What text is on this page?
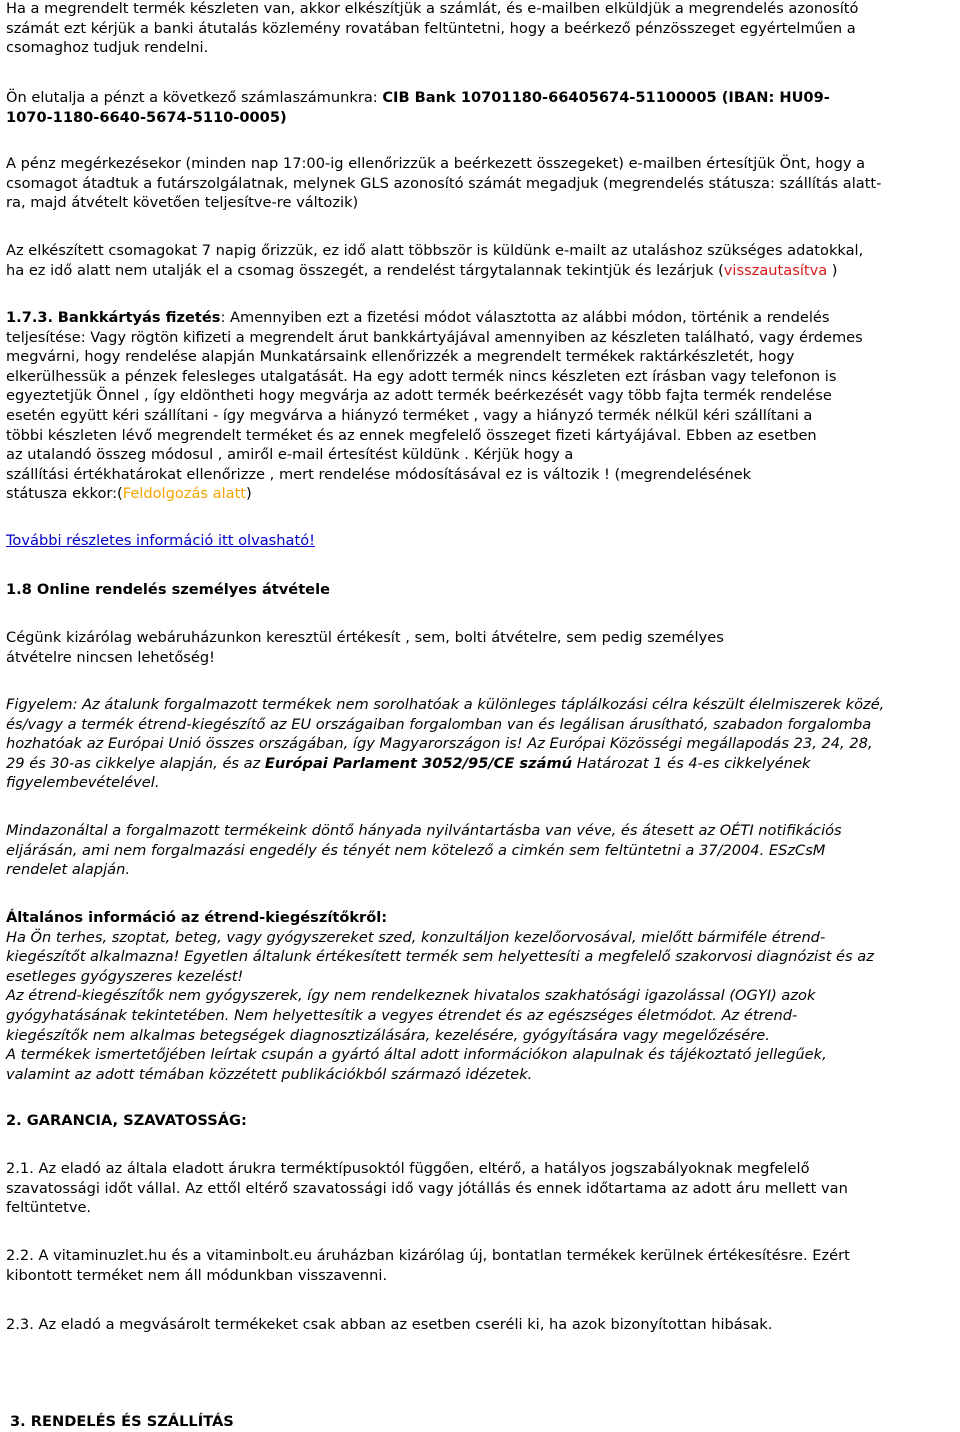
Ha a megrendelt termék készleten van, akkor elkészítjük a számlát, és e-mailben elküldjük a megrendelés azonosító
számát ezt kérjük a banki átutalás közlemény rovatában feltüntetni, hogy a beérkező pénzösszeget egyértelműen a
csomaghoz tudjuk rendelni.
Ön elutalja a pénzt a következő számlaszámunkra: CIB Bank 10701180-66405674-51100005 (IBAN: HU09-
1070-1180-6640-5674-5110-0005)
A pénz megérkezésekor (minden nap 17:00-ig ellenőrizzük a beérkezett összegeket) e-mailben értesítjük Önt, hogy a
csomagot átadtuk a futárszolgálatnak, melynek GLS azonosító számát megadjuk (megrendelés státusza: szállítás alatt-
ra, majd átvételt követően teljesítve-re változik)
Az elkészített csomagokat 7 napig őrizzük, ez idő alatt többször is küldünk e-mailt az utaláshoz szükséges adatokkal,
ha ez idő alatt nem utalják el a csomag összegét, a rendelést tárgytalannak tekintjük és lezárjuk (visszautasítva )
1.7.3. Bankkártyás fizetés: Amennyiben ezt a fizetési módot választotta az alábbi módon, történik a rendelés
teljesítése: Vagy rögtön kifizeti a megrendelt árut bankkártyájával amennyiben az készleten található, vagy érdemes
megvárni, hogy rendelése alapján Munkatársaink ellenőrizzék a megrendelt termékek raktárkészletét, hogy
elkerülhessük a pénzek felesleges utalgatását. Ha egy adott termék nincs készleten ezt írásban vagy telefonon is
egyeztetjük Önnel , így eldöntheti hogy megvárja az adott termék beérkezését vagy több fajta termék rendelése
esetén együtt kéri szállítani - így megvárva a hiányzó terméket , vagy a hiányzó termék nélkül kéri szállítani a
többi készleten lévő megrendelt terméket és az ennek megfelelő összeget fizeti kártyájával. Ebben az esetben
az utalandó összeg módosul , amiről e-mail értesítést küldünk . Kérjük hogy a
szállítási értékhatárokat ellenőrizze , mert rendelése módosításával ez is változik ! (megrendelésének
státusza ekkor:(Feldolgozás alatt)
További részletes információ itt olvasható!
1.8 Online rendelés személyes átvétele
Cégünk kizárólag webáruházunkon keresztül értékesít , sem, bolti átvételre, sem pedig személyes
átvételre nincsen lehetőség!
Figyelem: Az átalunk forgalmazott termékek nem sorolhatóak a különleges táplálkozási célra készült élelmiszerek közé,
és/vagy a termék étrend-kiegészítő az EU országaiban forgalomban van és legálisan árusítható, szabadon forgalomba
hozhatóak az Európai Unió összes országában, így Magyarországon is! Az Európai Közösségi megállapodás 23, 24, 28,
29 és 30-as cikkelye alapján, és az Európai Parlament 3052/95/CE számú Határozat 1 és 4-es cikkelyének
figyelembevételével.
Mindazonáltal a forgalmazott termékeink döntő hányada nyilvántartásba van véve, és átesett az OÉTI notifikációs
eljárásán, ami nem forgalmazási engedély és tényét nem kötelező a cimkén sem feltüntetni a 37/2004. ESzCsM
rendelet alapján.
Általános információ az étrend-kiegészítőkről:
Ha Ön terhes, szoptat, beteg, vagy gyógyszereket szed, konzultáljon kezelőorvosával, mielőtt bármiféle étrend-
kiegészítőt alkalmazna! Egyetlen általunk értékesített termék sem helyettesíti a megfelelő szakorvosi diagnózist és az
esetleges gyógyszeres kezelést!
Az étrend-kiegészítők nem gyógyszerek, így nem rendelkeznek hivatalos szakhatósági igazolással (OGYI) azok
gyógyhatásának tekintetében. Nem helyettesítik a vegyes étrendet és az egészséges életmódot. Az étrend-
kiegészítők nem alkalmas betegségek diagnosztizálására, kezelésére, gyógyítására vagy megelőzésére.
A termékek ismertetőjében leírtak csupán a gyártó által adott információkon alapulnak és tájékoztató jellegűek,
valamint az adott témában közzétett publikációkból származó idézetek.
2. GARANCIA, SZAVATOSSÁG:
2.1. Az eladó az általa eladott árukra terméktípusoktól függően, eltérő, a hatályos jogszabályoknak megfelelő
szavatossági időt vállal. Az ettől eltérő szavatossági idő vagy jótállás és ennek időtartama az adott áru mellett van
feltüntetve.
2.2. A vitaminuzlet.hu és a vitaminbolt.eu áruházban kizárólag új, bontatlan termékek kerülnek értékesítésre. Ezért
kibontott terméket nem áll módunkban visszavenni.
2.3. Az eladó a megvásárolt termékeket csak abban az esetben cseréli ki, ha azok bizonyítottan hibásak.
3. RENDELÉS ÉS SZÁLLÍTÁS
